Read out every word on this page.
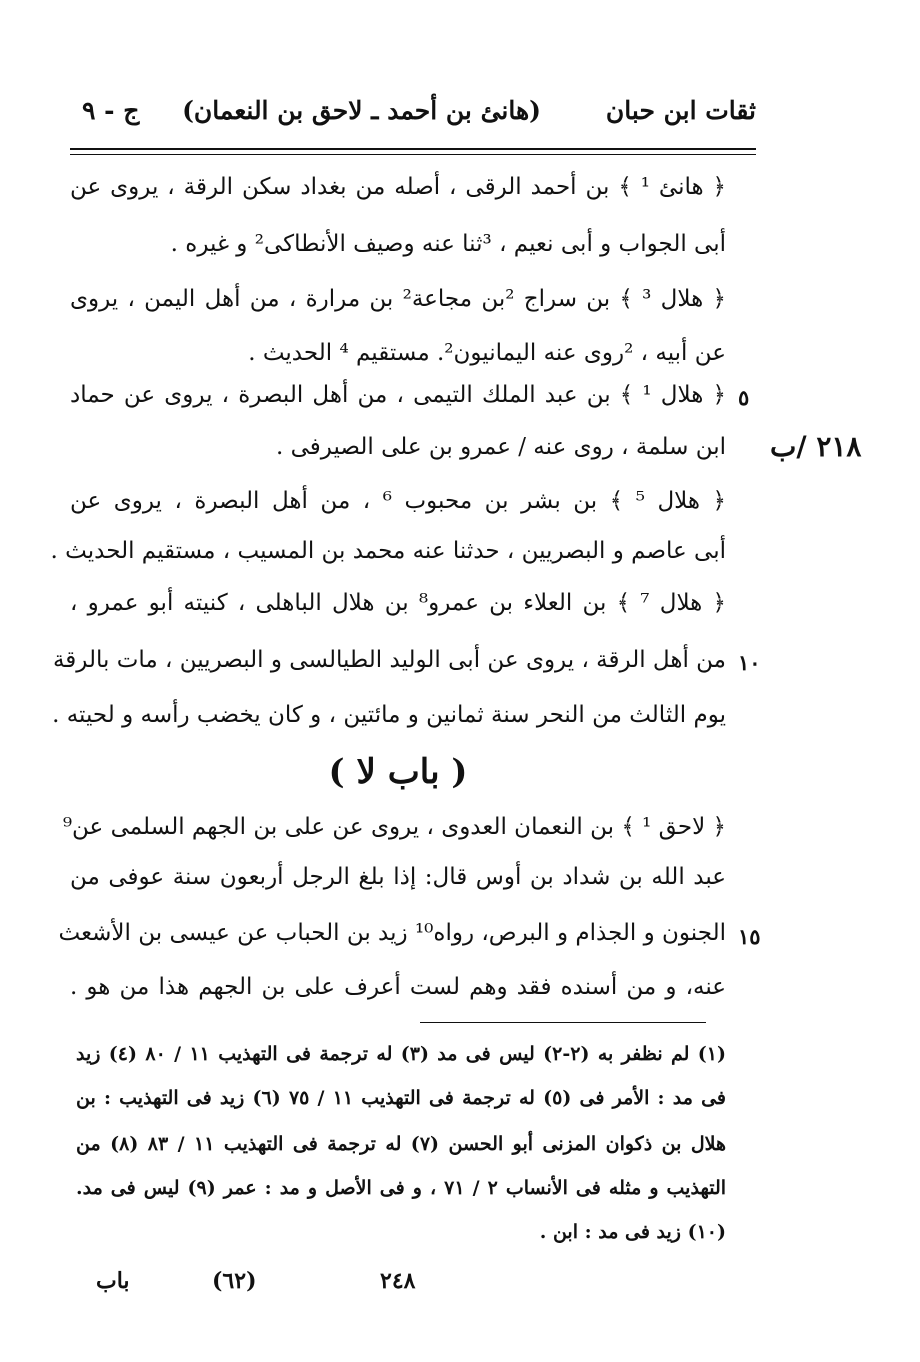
ثقات ابن حبان
(هانئ بن أحمد ـ لاحق بن النعمان)
ج - ٩
٢١٨ /ب
﴿ هانئ ¹ ﴾ بن أحمد الرقى ، أصله من بغداد سكن الرقة ، يروى عن
أبى الجواب و أبى نعيم ، ³ثنا عنه وصيف الأنطاكى² و غيره .
﴿ هلال ³ ﴾ بن سراج ²بن مجاعة² بن مرارة ، من أهل اليمن ، يروى
عن أبيه ، ²روى عنه اليمانيون². مستقيم ⁴ الحديث .
﴿ هلال ¹ ﴾ بن عبد الملك التيمى ، من أهل البصرة ، يروى عن حماد ٥
ابن سلمة ، روى عنه / عمرو بن على الصيرفى .
﴿ هلال ⁵ ﴾ بن بشر بن محبوب ⁶ ، من أهل البصرة ، يروى عن
أبى عاصم و البصريين ، حدثنا عنه محمد بن المسيب ، مستقيم الحديث .
﴿ هلال ⁷ ﴾ بن العلاء بن عمرو⁸ بن هلال الباهلى ، كنيته أبو عمرو ،
من أهل الرقة ، يروى عن أبى الوليد الطيالسى و البصريين ، مات بالرقة ١٠
يوم الثالث من النحر سنة ثمانين و مائتين ، و كان يخضب رأسه و لحيته .
( باب لا )
﴿ لاحق ¹ ﴾ بن النعمان العدوى ، يروى عن على بن الجهم السلمى عن⁹
عبد الله بن شداد بن أوس قال: إذا بلغ الرجل أربعون سنة عوفى من
الجنون و الجذام و البرص، رواه¹⁰ زيد بن الحباب عن عيسى بن الأشعث ١٥
عنه، و من أسنده فقد وهم لست أعرف على بن الجهم هذا من هو .
(١) لم نظفر به (٢-٢) ليس فى مد (٣) له ترجمة فى التهذيب ١١ / ٨٠ (٤) زيد
فى مد : الأمر فى (٥) له ترجمة فى التهذيب ١١ / ٧٥ (٦) زيد فى التهذيب : بن
هلال بن ذكوان المزنى أبو الحسن (٧) له ترجمة فى التهذيب ١١ / ٨٣ (٨) من
التهذيب و مثله فى الأنساب ٢ / ٧١ ، و فى الأصل و مد : عمر (٩) ليس فى مد.
(١٠) زيد فى مد : ابن .
٢٤٨
(٦٢)
باب
